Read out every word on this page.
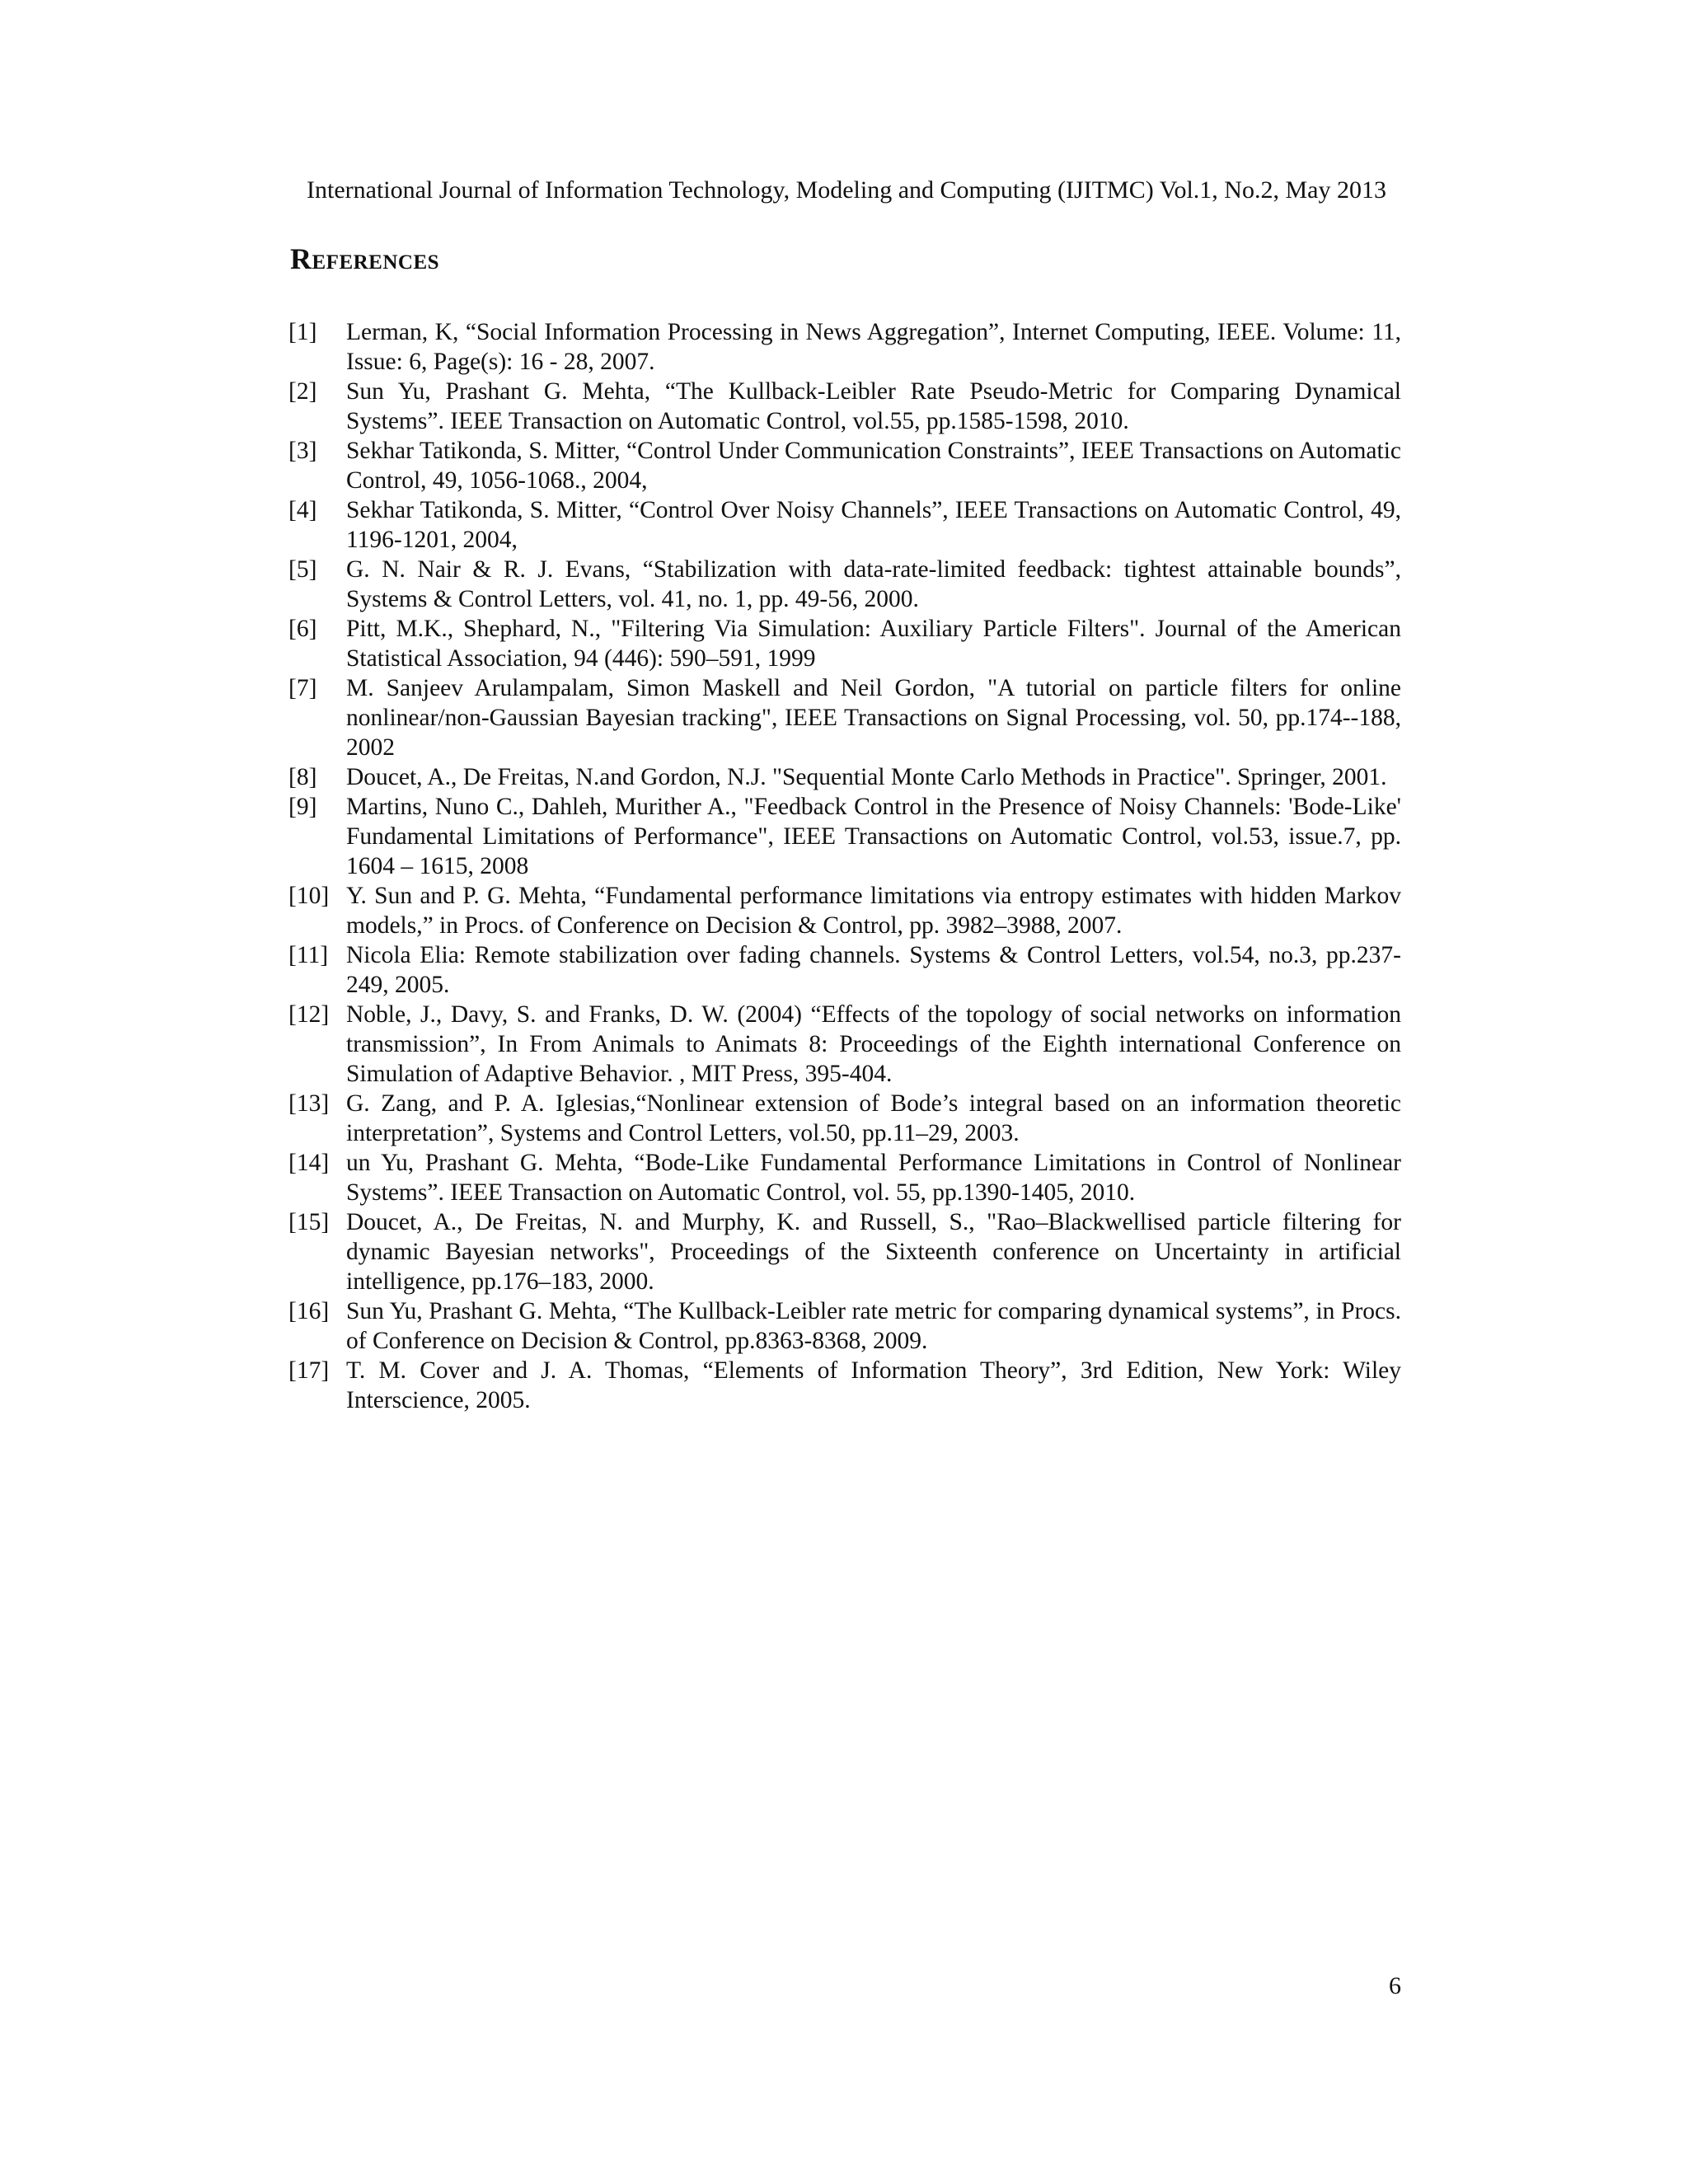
International Journal of Information Technology, Modeling and Computing (IJITMC) Vol.1, No.2, May 2013
References
[1]	Lerman, K, “Social Information Processing in News Aggregation”, Internet Computing, IEEE. Volume: 11, Issue: 6, Page(s): 16 - 28, 2007.
[2]	Sun Yu, Prashant G. Mehta, “The Kullback-Leibler Rate Pseudo-Metric for Comparing Dynamical Systems”. IEEE Transaction on Automatic Control, vol.55, pp.1585-1598, 2010.
[3]	Sekhar Tatikonda, S. Mitter, “Control Under Communication Constraints”, IEEE Transactions on Automatic Control, 49, 1056-1068., 2004,
[4]	Sekhar Tatikonda, S. Mitter, “Control Over Noisy Channels”, IEEE Transactions on Automatic Control, 49, 1196-1201, 2004,
[5]	G. N. Nair & R. J. Evans, “Stabilization with data-rate-limited feedback: tightest attainable bounds”, Systems & Control Letters, vol. 41, no. 1, pp. 49-56, 2000.
[6]	Pitt, M.K., Shephard, N., "Filtering Via Simulation: Auxiliary Particle Filters". Journal of the American Statistical Association, 94 (446): 590–591, 1999
[7]	M. Sanjeev Arulampalam, Simon Maskell and Neil Gordon, "A tutorial on particle filters for online nonlinear/non-Gaussian Bayesian tracking", IEEE Transactions on Signal Processing, vol. 50, pp.174--188, 2002
[8]	Doucet, A., De Freitas, N.and Gordon, N.J. "Sequential Monte Carlo Methods in Practice". Springer, 2001.
[9]	Martins, Nuno C., Dahleh, Murither A., "Feedback Control in the Presence of Noisy Channels: 'Bode-Like' Fundamental Limitations of Performance", IEEE Transactions on Automatic Control, vol.53, issue.7, pp. 1604 – 1615, 2008
[10] Y. Sun and P. G. Mehta, “Fundamental performance limitations via entropy estimates with hidden Markov models,” in Procs. of Conference on Decision & Control, pp. 3982–3988, 2007.
[11] Nicola Elia: Remote stabilization over fading channels. Systems & Control Letters, vol.54, no.3, pp.237-249, 2005.
[12] Noble, J., Davy, S. and Franks, D. W. (2004) “Effects of the topology of social networks on information transmission”, In From Animals to Animats 8: Proceedings of the Eighth international Conference on Simulation of Adaptive Behavior. , MIT Press, 395-404.
[13] G. Zang, and P. A. Iglesias,“Nonlinear extension of Bode’s integral based on an information theoretic interpretation”, Systems and Control Letters, vol.50, pp.11–29, 2003.
[14] un Yu, Prashant G. Mehta, “Bode-Like Fundamental Performance Limitations in Control of Nonlinear Systems”. IEEE Transaction on Automatic Control, vol. 55, pp.1390-1405, 2010.
[15] Doucet, A., De Freitas, N. and Murphy, K. and Russell, S., "Rao–Blackwellised particle filtering for dynamic Bayesian networks", Proceedings of the Sixteenth conference on Uncertainty in artificial intelligence, pp.176–183, 2000.
[16] Sun Yu, Prashant G. Mehta, “The Kullback-Leibler rate metric for comparing dynamical systems”, in Procs. of Conference on Decision & Control, pp.8363-8368, 2009.
[17] T. M. Cover and J. A. Thomas, “Elements of Information Theory”, 3rd Edition, New York: Wiley Interscience, 2005.
6
